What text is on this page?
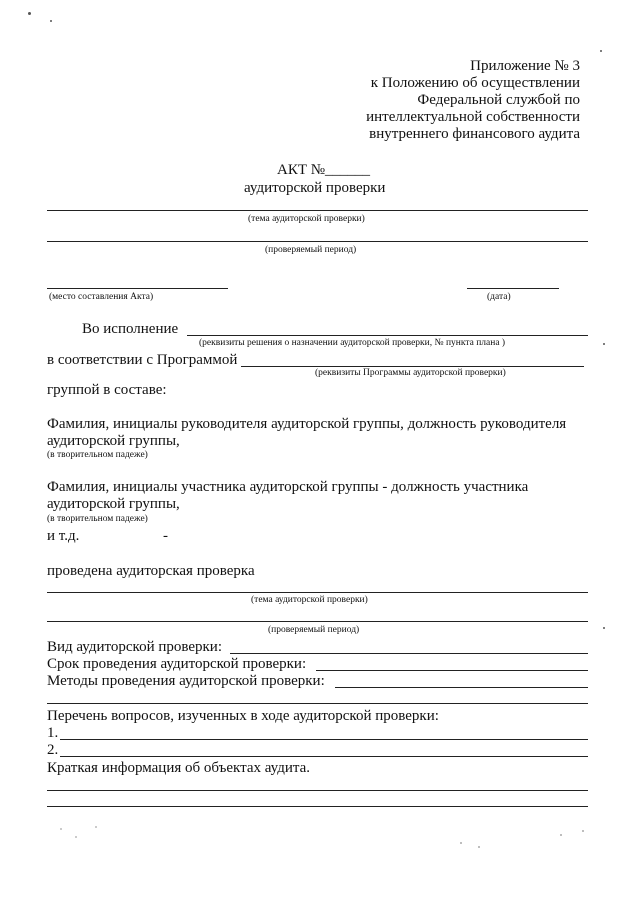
Приложение № 3
к Положению об осуществлении
Федеральной службой по
интеллектуальной собственности
внутреннего финансового аудита
АКТ №______
аудиторской проверки
(тема аудиторской проверки)
(проверяемый период)
(место составления Акта)	(дата)
Во исполнение
(реквизиты решения о назначении аудиторской проверки, № пункта плана )
в соответствии с Программой
(реквизиты Программы аудиторской проверки)
группой в составе:
Фамилия, инициалы руководителя аудиторской группы, должность руководителя
аудиторской группы,
(в творительном падеже)
Фамилия, инициалы участника аудиторской группы - должность участника
аудиторской группы,
(в творительном падеже)
и т.д.	-
проведена аудиторская проверка
(тема аудиторской проверки)
(проверяемый период)
Вид аудиторской проверки:
Срок проведения аудиторской проверки:
Методы проведения аудиторской проверки:
Перечень вопросов, изученных в ходе аудиторской проверки:
1.
2.
Краткая информация об объектах аудита.
